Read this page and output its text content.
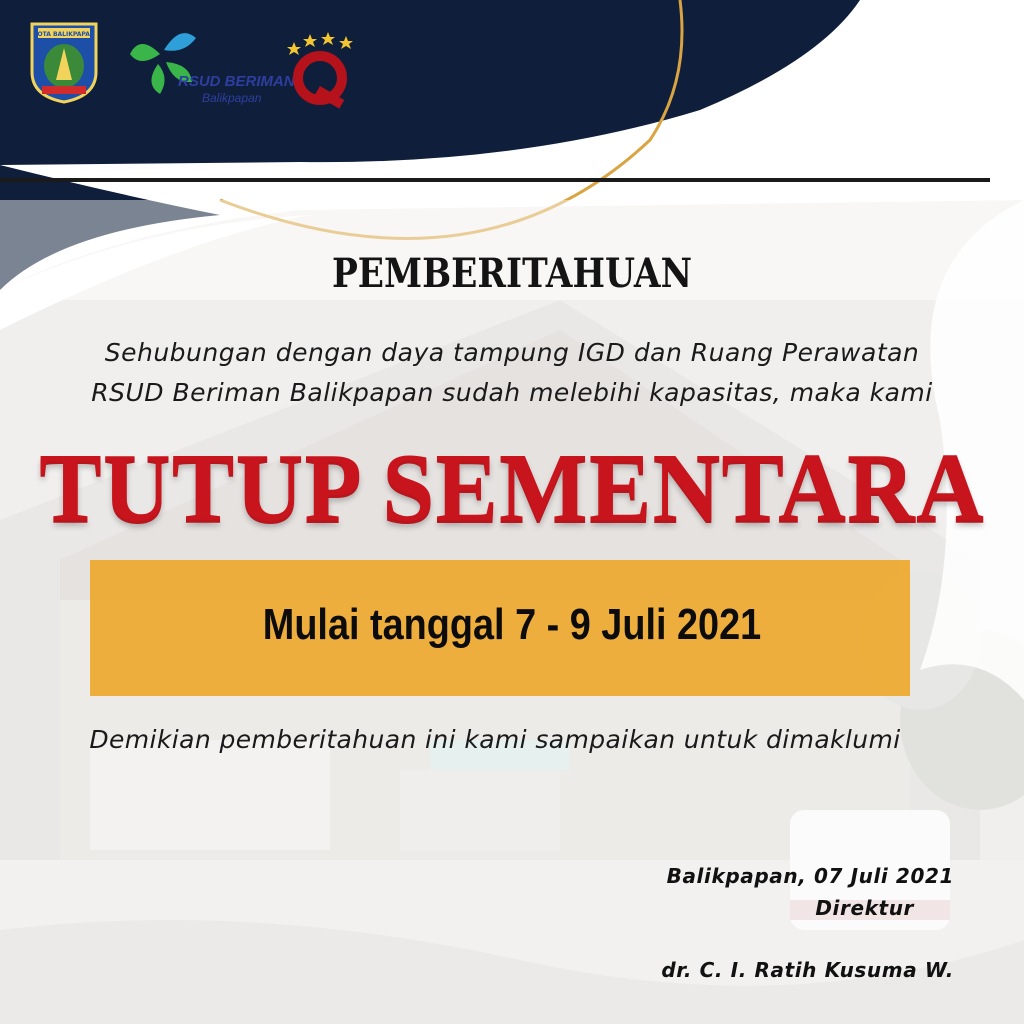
KOTA BALIKPAPAN
RSUD BERIMAN
Balikpapan
PEMBERITAHUAN
Sehubungan dengan daya tampung IGD dan Ruang Perawatan
RSUD Beriman Balikpapan sudah melebihi kapasitas, maka kami
TUTUP SEMENTARA
Mulai tanggal 7 - 9 Juli 2021
Demikian pemberitahuan ini kami sampaikan untuk dimaklumi
Balikpapan, 07 Juli 2021
Direktur
dr. C. I. Ratih Kusuma W.
